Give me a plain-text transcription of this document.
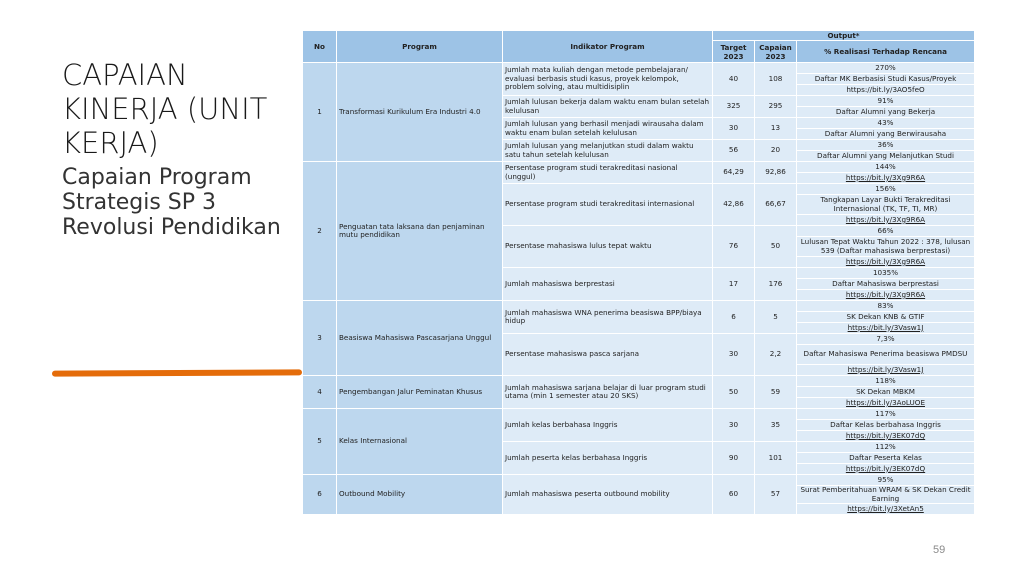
CAPAIAN KINERJA (UNIT KERJA)
Capaian Program Strategis SP 3 Revolusi Pendidikan
59
No	Program	Indikator Program	Output*		
			Target 2023	Capaian 2023	% Realisasi Terhadap Rencana
1	Transformasi Kurikulum Era Industri 4.0	Jumlah mata kuliah dengan metode pembelajaran/ evaluasi berbasis studi kasus, proyek kelompok, problem solving, atau multidisiplin	40	108	270%
					Daftar MK Berbasisi Studi Kasus/Proyek
					https://bit.ly/3AO5feO
		Jumlah lulusan bekerja dalam waktu enam bulan setelah kelulusan	325	295	91%
					Daftar Alumni yang Bekerja
		Jumlah lulusan yang berhasil menjadi wirausaha dalam waktu enam bulan setelah kelulusan	30	13	43%
					Daftar Alumni yang Berwirausaha
		Jumlah lulusan yang melanjutkan studi dalam waktu satu tahun setelah kelulusan	56	20	36%
					Daftar Alumni yang Melanjutkan Studi

2	Penguatan tata laksana dan penjaminan mutu pendidikan	Persentase program studi terakreditasi nasional (unggul)	64,29	92,86	144%
					https://bit.ly/3Xg9R6A
		Persentase program studi terakreditasi internasional	42,86	66,67	156%
					Tangkapan Layar Bukti Terakreditasi Internasional (TK, TF, TI, MR)

					https://bit.ly/3Xg9R6A
		Persentase mahasiswa lulus tepat waktu	76	50	66%
					Lulusan Tepat Waktu Tahun 2022 : 378, lulusan 539 (Daftar mahasiswa berprestasi)

					https://bit.ly/3Xg9R6A
		Jumlah mahasiswa berprestasi	17	176	1035%
					Daftar Mahasiswa berprestasi
					https://bit.ly/3Xg9R6A

3	Beasiswa Mahasiswa Pascasarjana Unggul	Jumlah mahasiswa WNA penerima beasiswa BPP/biaya hidup	6	5	83%
					SK Dekan KNB & GTIF
					https://bit.ly/3Vasw1J
		Persentase mahasiswa pasca sarjana	30	2,2	7,3%
					Daftar Mahasiswa Penerima beasiswa PMDSU

					https://bit.ly/3Vasw1J
4	Pengembangan Jalur Peminatan Khusus	Jumlah mahasiswa sarjana belajar di luar program studi utama (min 1 semester atau 20 SKS)	50	59	118%
					SK Dekan MBKM
					https://bit.ly/3AoLUOE
5	Kelas Internasional	Jumlah kelas berbahasa Inggris	30	35	117%
					Daftar Kelas berbahasa Inggris
					https://bit.ly/3EK07dQ
		Jumlah peserta kelas berbahasa Inggris	90	101	112%
					Daftar Peserta Kelas
					https://bit.ly/3EK07dQ
6	Outbound Mobility	Jumlah mahasiswa peserta outbound mobility	60	57	95%
					Surat Pemberitahuan WRAM & SK Dekan Credit Earning
					https://bit.ly/3XetAn5
